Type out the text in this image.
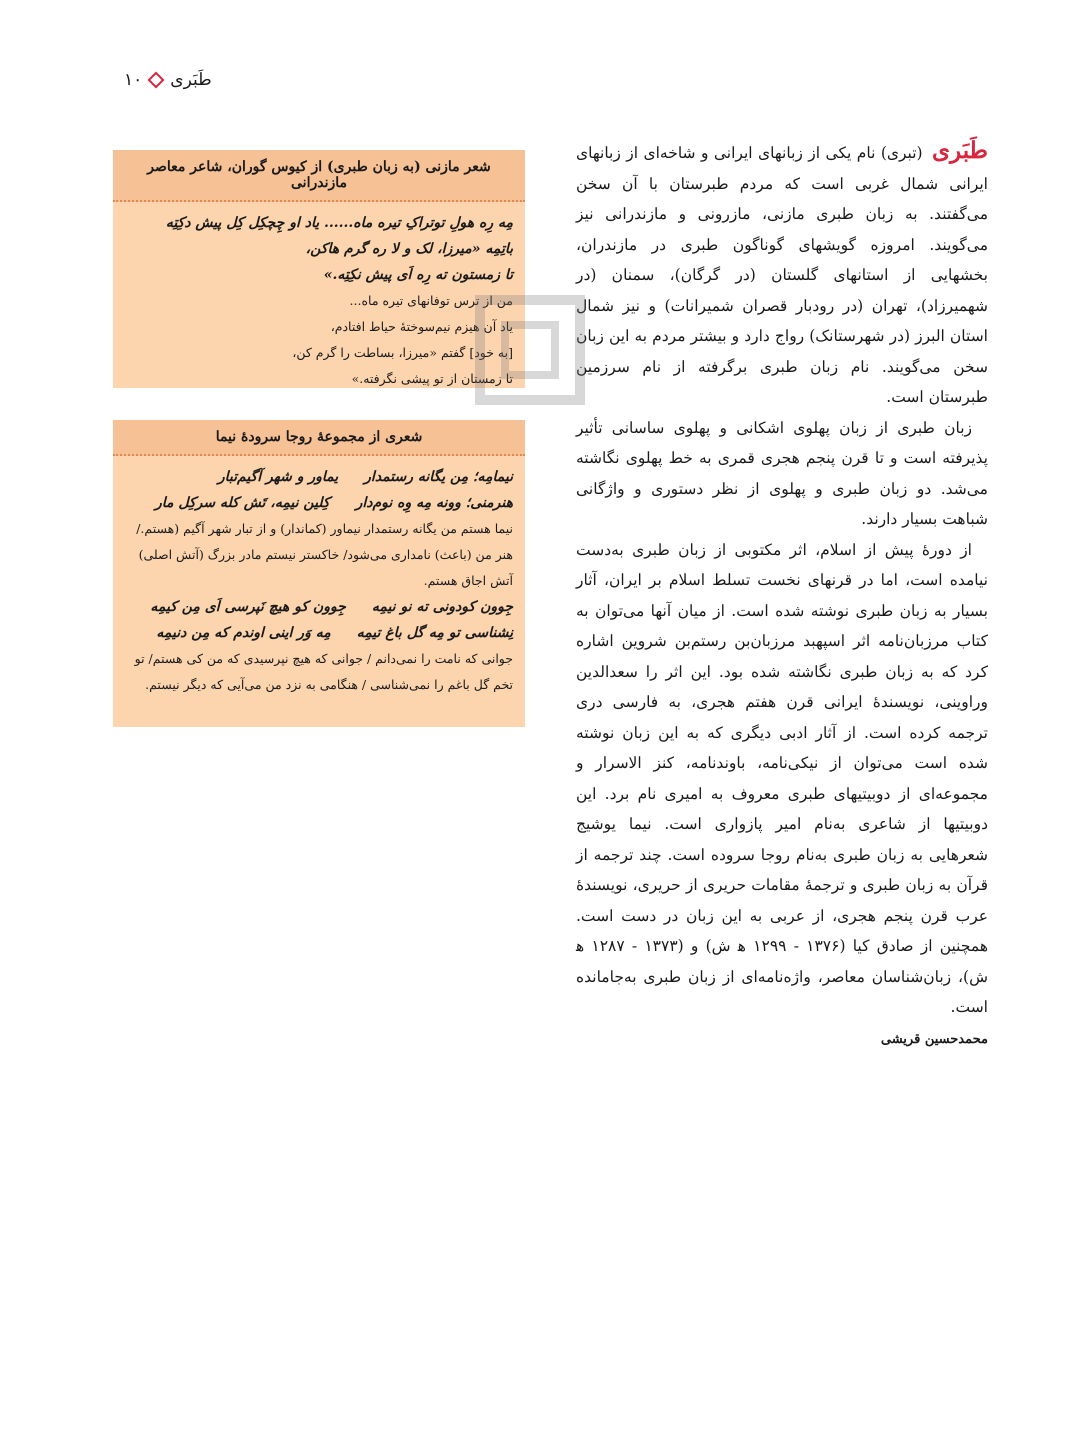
طَبَری
۱۰

طَبَری (تبری) نام یکی از زبانهای ایرانی و شاخه‌ای از زبانهای ایرانی شمال غربی است که مردم طبرستان با آن سخن می‌گفتند. به زبان طبری مازنی، مازرونی و مازندرانی نیز می‌گویند. امروزه گویشهای گوناگون طبری در مازندران، بخشهایی از استانهای گلستان (در گرگان)، سمنان (در شهمیرزاد)، تهران (در رودبار قصران شمیرانات) و نیز شمال استان البرز (در شهرستانک) رواج دارد و بیشتر مردم به این زبان سخن می‌گویند. نام زبان طبری برگرفته از نام سرزمین طبرستان است.

زبان طبری از زبان پهلوی اشکانی و پهلوی ساسانی تأثیر پذیرفته است و تا قرن پنجم هجری قمری به خط پهلوی نگاشته می‌شد. دو زبان طبری و پهلوی از نظر دستوری و واژگانی شباهت بسیار دارند.

از دورهٔ پیش از اسلام، اثر مکتوبی از زبان طبری به‌دست نیامده است، اما در قرنهای نخست تسلط اسلام بر ایران، آثار بسیار به زبان طبری نوشته شده است. از میان آنها می‌توان به کتاب مرزبان‌نامه اثر اسپهبد مرزبان‌بن رستم‌بن شروین اشاره کرد که به زبان طبری نگاشته شده بود. این اثر را سعدالدین وراوینی، نویسندهٔ ایرانی قرن هفتم هجری، به فارسی دری ترجمه کرده است. از آثار ادبی دیگری که به این زبان نوشته شده است می‌توان از نیکی‌نامه، باوندنامه، کنز الاسرار و مجموعه‌ای از دوبیتیهای طبری معروف به امیری نام برد. این دوبیتیها از شاعری به‌نام امیر پازواری است. نیما یوشیج شعرهایی به زبان طبری به‌نام روجا سروده است. چند ترجمه از قرآن به زبان طبری و ترجمهٔ مقامات حریری از حریری، نویسندهٔ عرب قرن پنجم هجری، از عربی به این زبان در دست است. همچنین از صادق کیا (۱۳۷۶ - ۱۲۹۹ ه‍ ش) و (۱۳۷۳ - ۱۲۸۷ ه‍ ش)، زبان‌شناسان معاصر، واژه‌نامه‌ای از زبان طبری به‌جامانده است.

محمدحسین قریشی
شعر مازنی (به زبان طبری) از کیوس گوران، شاعر معاصر مازندرانی
مِه رِه هولِ توتراکِ تیره ماه...... یاد او چِچکِل کِل پیش دکِتِه
باتِمِه «میرزا، لک و لا ره گرم هاکن،
تا زمستون ته رِه اَی پیش نکِتِه.»
من از ترس توفانهای تیره ماه...
یاد آن هیزم نیم‌سوختهٔ حیاط افتادم،
[به خود] گفتم «میرزا، بساطت را گرم کن،
تا زمستان از تو پیشی نگرفته.»
شعری از مجموعهٔ روجا سرودهٔ نیما
نیمامِه؛ مِن یگانه رستمدار
یماور و شهر آگیم‌تبار
هنرمنی؛ وونه مِه وِه نوم‌دار
کِلین نیمِه، تَش کله سرکِل مار
نیما هستم من یگانه رستمدار نیماور (کماندار) و از تبار شهر آگیم (هستم./ هنر من (باعث) نامداری می‌شود/ خاکستر نیستم مادر بزرگ (آتش اصلی) آتش اجاق هستم.
جِوون کودونی ته نو نیمِه
جِوون کو هیچ نَپرسی اَی مِن کیمِه
نِشناسی تو مِه گل باغ تیمِه
مِه وَر اینی اوندم که مِن دنیمِه
جوانی که نامت را نمی‌دانم / جوانی که هیچ نپرسیدی که من کی هستم/ تو تخم گل باغم را نمی‌شناسی / هنگامی به نزد من می‌آیی که دیگر نیستم.
